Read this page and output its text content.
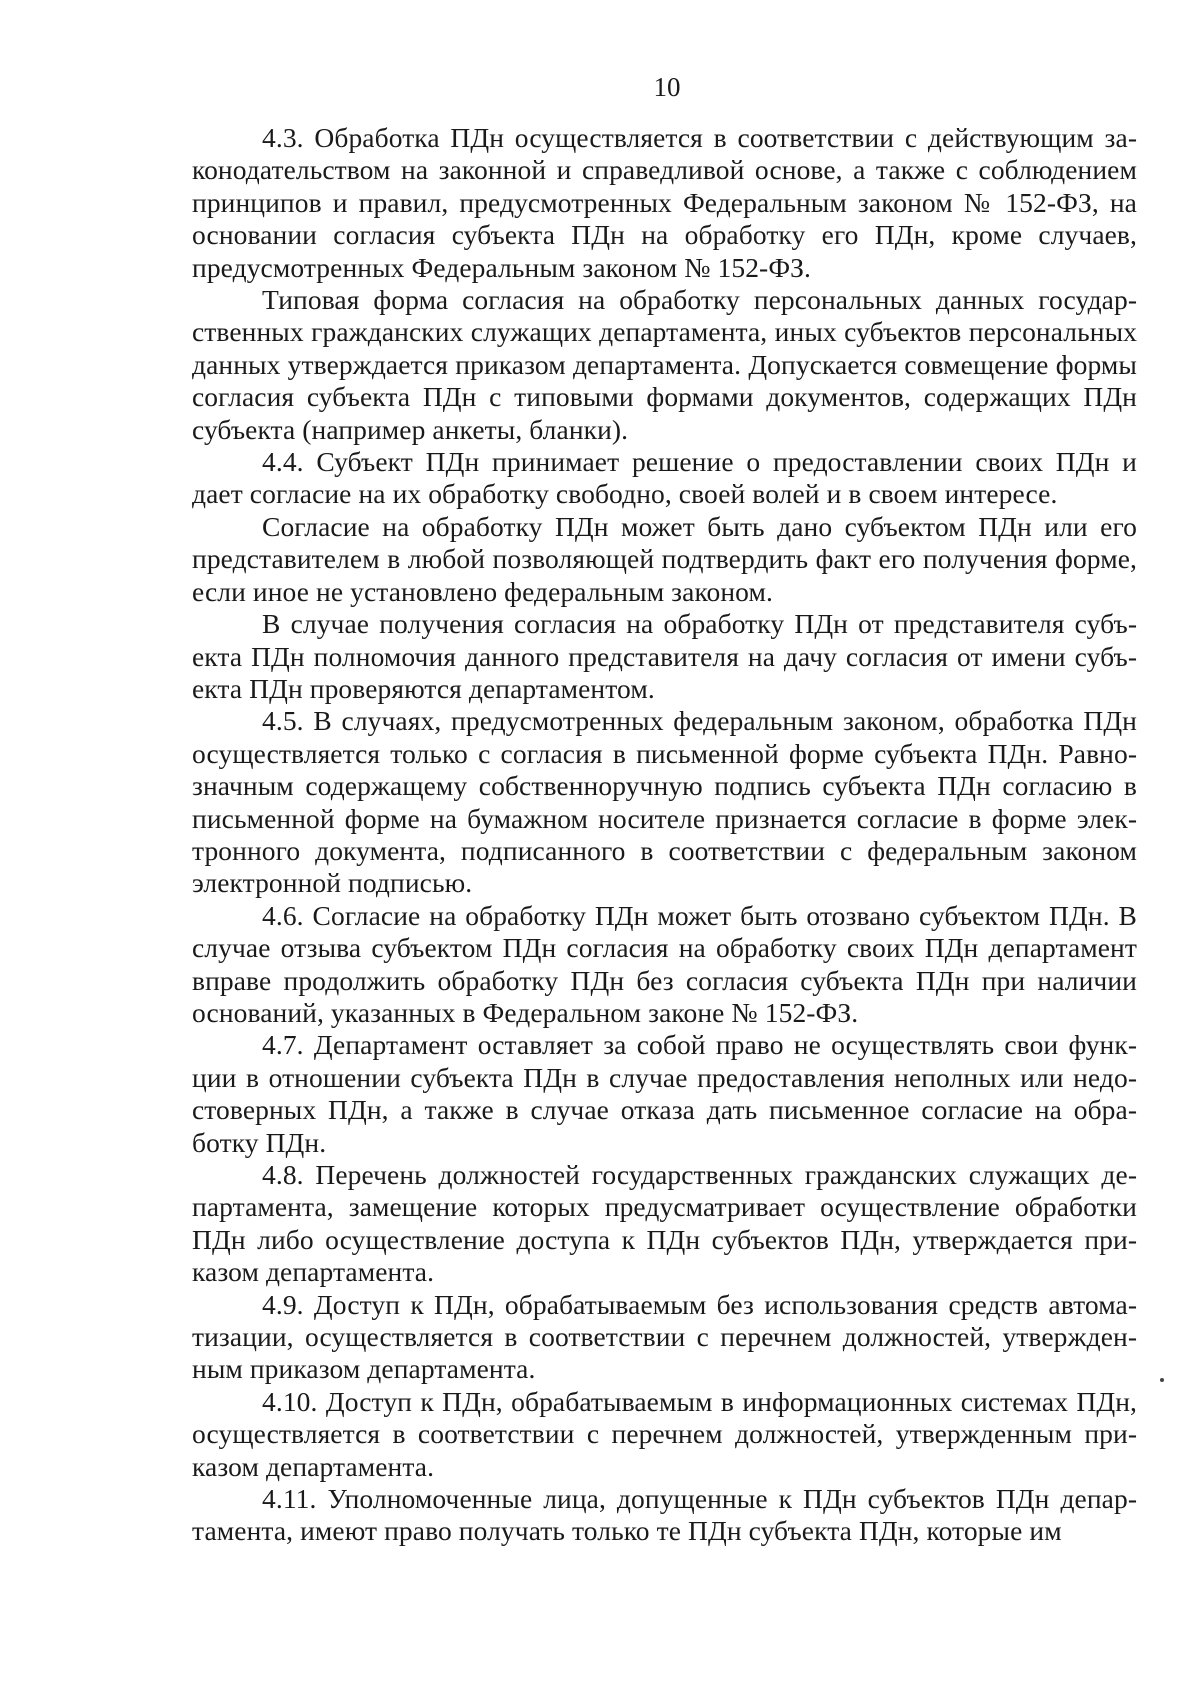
10

4.3. Обработка ПДн осуществляется в соответствии с действующим законодательством на законной и справедливой основе, а также с соблюдением принципов и правил, предусмотренных Федеральным законом № 152-ФЗ, на основании согласия субъекта ПДн на обработку его ПДн, кроме случаев, предусмотренных Федеральным законом № 152-ФЗ.

Типовая форма согласия на обработку персональных данных государственных гражданских служащих департамента, иных субъектов персональных данных утверждается приказом департамента. Допускается совмещение формы согласия субъекта ПДн с типовыми формами документов, содержащих ПДн субъекта (например анкеты, бланки).

4.4. Субъект ПДн принимает решение о предоставлении своих ПДн и дает согласие на их обработку свободно, своей волей и в своем интересе.

Согласие на обработку ПДн может быть дано субъектом ПДн или его представителем в любой позволяющей подтвердить факт его получения форме, если иное не установлено федеральным законом.

В случае получения согласия на обработку ПДн от представителя субъекта ПДн полномочия данного представителя на дачу согласия от имени субъекта ПДн проверяются департаментом.

4.5. В случаях, предусмотренных федеральным законом, обработка ПДн осуществляется только с согласия в письменной форме субъекта ПДн. Равнозначным содержащему собственноручную подпись субъекта ПДн согласию в письменной форме на бумажном носителе признается согласие в форме электронного документа, подписанного в соответствии с федеральным законом электронной подписью.

4.6. Согласие на обработку ПДн может быть отозвано субъектом ПДн. В случае отзыва субъектом ПДн согласия на обработку своих ПДн департамент вправе продолжить обработку ПДн без согласия субъекта ПДн при наличии оснований, указанных в Федеральном законе № 152-ФЗ.

4.7. Департамент оставляет за собой право не осуществлять свои функции в отношении субъекта ПДн в случае предоставления неполных или недостоверных ПДн, а также в случае отказа дать письменное согласие на обработку ПДн.

4.8. Перечень должностей государственных гражданских служащих департамента, замещение которых предусматривает осуществление обработки ПДн либо осуществление доступа к ПДн субъектов ПДн, утверждается приказом департамента.

4.9. Доступ к ПДн, обрабатываемым без использования средств автоматизации, осуществляется в соответствии с перечнем должностей, утвержденным приказом департамента.

4.10. Доступ к ПДн, обрабатываемым в информационных системах ПДн, осуществляется в соответствии с перечнем должностей, утвержденным приказом департамента.

4.11. Уполномоченные лица, допущенные к ПДн субъектов ПДн департамента, имеют право получать только те ПДн субъекта ПДн, которые им
